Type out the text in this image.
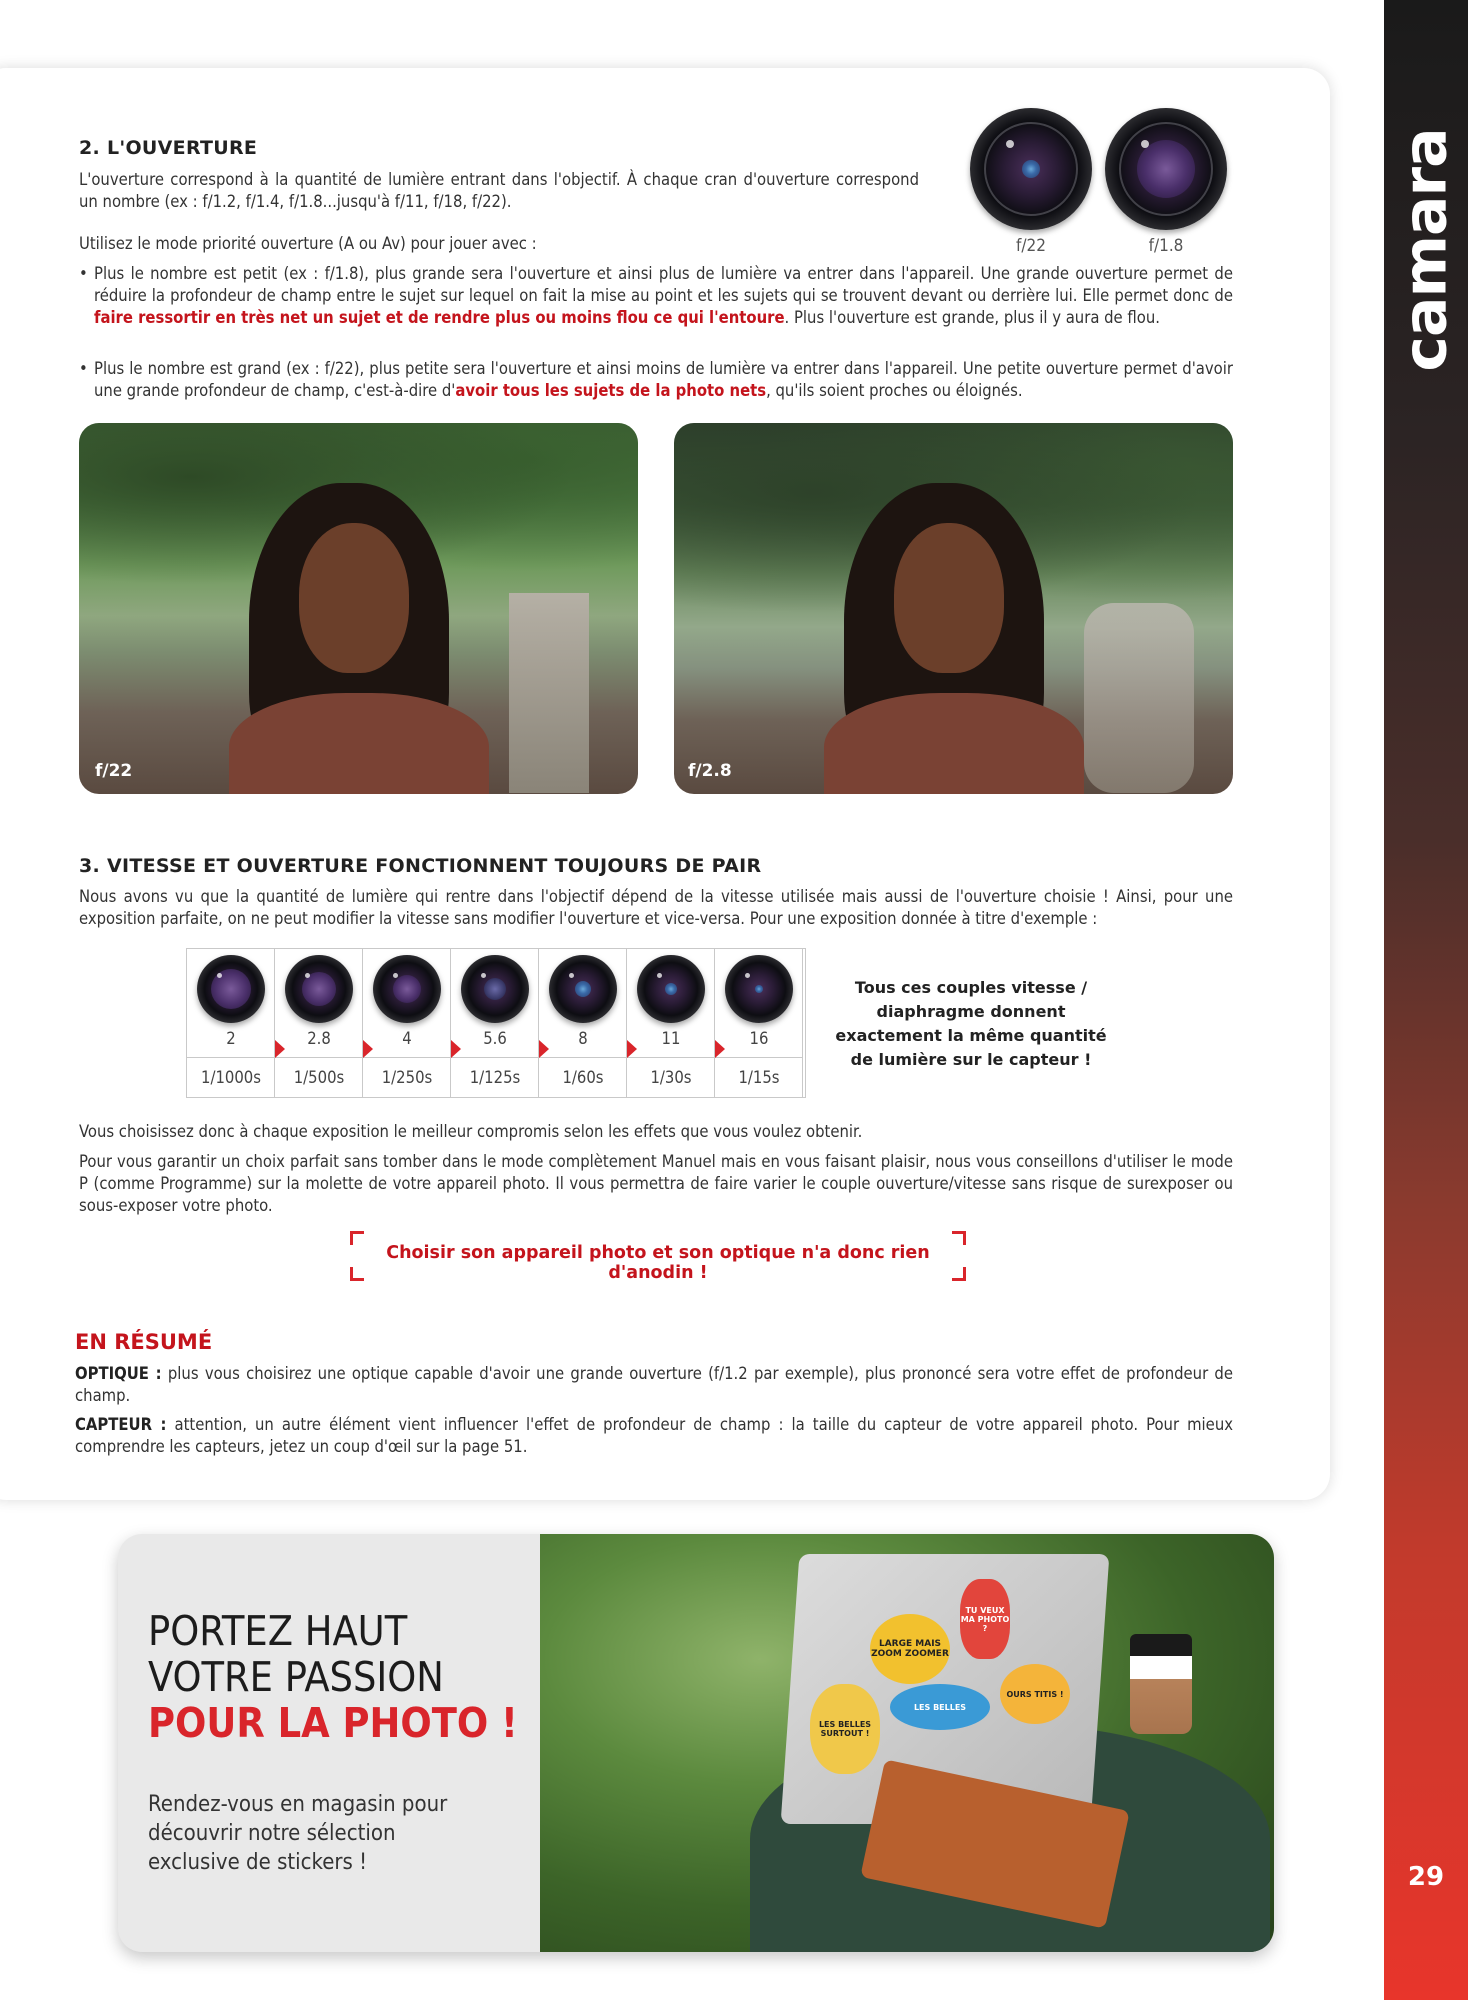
camara
29
2. L'OUVERTURE
L'ouverture correspond à la quantité de lumière entrant dans l'objectif. À chaque cran d'ouverture correspond un nombre (ex : f/1.2, f/1.4, f/1.8...jusqu'à f/11, f/18, f/22).
Utilisez le mode priorité ouverture (A ou Av) pour jouer avec :
• Plus le nombre est petit (ex : f/1.8), plus grande sera l'ouverture et ainsi plus de lumière va entrer dans l'appareil. Une grande ouverture permet de réduire la profondeur de champ entre le sujet sur lequel on fait la mise au point et les sujets qui se trouvent devant ou derrière lui. Elle permet donc de faire ressortir en très net un sujet et de rendre plus ou moins flou ce qui l'entoure. Plus l'ouverture est grande, plus il y aura de flou.
• Plus le nombre est grand (ex : f/22), plus petite sera l'ouverture et ainsi moins de lumière va entrer dans l'appareil. Une petite ouverture permet d'avoir une grande profondeur de champ, c'est-à-dire d'avoir tous les sujets de la photo nets, qu'ils soient proches ou éloignés.
f/22	f/1.8
f/22	f/2.8
3. VITESSE ET OUVERTURE FONCTIONNENT TOUJOURS DE PAIR
Nous avons vu que la quantité de lumière qui rentre dans l'objectif dépend de la vitesse utilisée mais aussi de l'ouverture choisie ! Ainsi, pour une exposition parfaite, on ne peut modifier la vitesse sans modifier l'ouverture et vice-versa. Pour une exposition donnée à titre d'exemple :
2
1/1000s
2.8
1/500s
4
1/250s
5.6
1/125s
8
1/60s
11
1/30s
16
1/15s
Tous ces couples vitesse / diaphragme donnent exactement la même quantité de lumière sur le capteur !
Vous choisissez donc à chaque exposition le meilleur compromis selon les effets que vous voulez obtenir.
Pour vous garantir un choix parfait sans tomber dans le mode complètement Manuel mais en vous faisant plaisir, nous vous conseillons d'utiliser le mode P (comme Programme) sur la molette de votre appareil photo. Il vous permettra de faire varier le couple ouverture/vitesse sans risque de surexposer ou sous-exposer votre photo.
Choisir son appareil photo et son optique n'a donc rien d'anodin !
EN RÉSUMÉ
OPTIQUE : plus vous choisirez une optique capable d'avoir une grande ouverture (f/1.2 par exemple), plus prononcé sera votre effet de profondeur de champ.
CAPTEUR : attention, un autre élément vient influencer l'effet de profondeur de champ : la taille du capteur de votre appareil photo. Pour mieux comprendre les capteurs, jetez un coup d'œil sur la page 51.
PORTEZ HAUT
VOTRE PASSION
POUR LA PHOTO !
Rendez-vous en magasin pour découvrir notre sélection exclusive de stickers !
LARGE MAIS ZOOM ZOOMER
TU VEUX MA PHOTO ?
LES BELLES SURTOUT !
LES BELLES
OURS TITIS !
